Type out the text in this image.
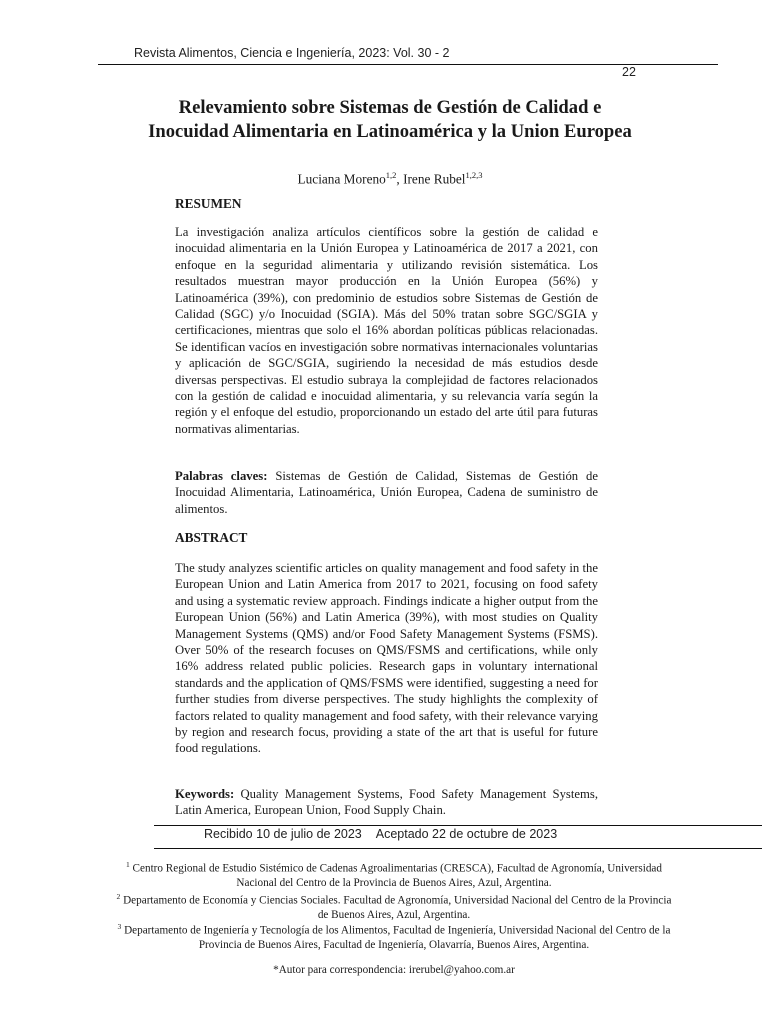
Revista Alimentos, Ciencia e Ingeniería, 2023: Vol. 30 - 2
22
Relevamiento sobre Sistemas de Gestión de Calidad e
Inocuidad Alimentaria en Latinoamérica y la Union Europea
Luciana Moreno$^{1,2}$, Irene Rubel$^{1,2,3}$
RESUMEN

La investigación analiza artículos científicos sobre la gestión de calidad e inocuidad alimentaria en la Unión Europea y Latinoamérica de 2017 a 2021, con enfoque en la seguridad alimentaria y utilizando revisión sistemática. Los resultados muestran mayor producción en la Unión Europea (56%) y Latinoamérica (39%), con predominio de estudios sobre Sistemas de Gestión de Calidad (SGC) y/o Inocuidad (SGIA). Más del 50% tratan sobre SGC/SGIA y certificaciones, mientras que solo el 16% abordan políticas públicas relacionadas. Se identifican vacíos en investigación sobre normativas internacionales voluntarias y aplicación de SGC/SGIA, sugiriendo la necesidad de más estudios desde diversas perspectivas. El estudio subraya la complejidad de factores relacionados con la gestión de calidad e inocuidad alimentaria, y su relevancia varía según la región y el enfoque del estudio, proporcionando un estado del arte útil para futuras normativas alimentarias.

Palabras claves: Sistemas de Gestión de Calidad, Sistemas de Gestión de Inocuidad Alimentaria, Latinoamérica, Unión Europea, Cadena de suministro de alimentos.

ABSTRACT

The study analyzes scientific articles on quality management and food safety in the European Union and Latin America from 2017 to 2021, focusing on food safety and using a systematic review approach. Findings indicate a higher output from the European Union (56%) and Latin America (39%), with most studies on Quality Management Systems (QMS) and/or Food Safety Management Systems (FSMS). Over 50% of the research focuses on QMS/FSMS and certifications, while only 16% address related public policies. Research gaps in voluntary international standards and the application of QMS/FSMS were identified, suggesting a need for further studies from diverse perspectives. The study highlights the complexity of factors related to quality management and food safety, with their relevance varying by region and research focus, providing a state of the art that is useful for future food regulations.

Keywords: Quality Management Systems, Food Safety Management Systems, Latin America, European Union, Food Supply Chain.

Recibido 10 de julio de 2023 Aceptado 22 de octubre de 2023

$^1$ Centro Regional de Estudio Sistémico de Cadenas Agroalimentarias (CRESCA), Facultad de Agronomía, Universidad Nacional del Centro de la Provincia de Buenos Aires, Azul, Argentina.

$^2$ Departamento de Economía y Ciencias Sociales. Facultad de Agronomía, Universidad Nacional del Centro de la Provincia de Buenos Aires, Azul, Argentina.

$^3$ Departamento de Ingeniería y Tecnología de los Alimentos, Facultad de Ingeniería, Universidad Nacional del Centro de la Provincia de Buenos Aires, Facultad de Ingeniería, Olavarría, Buenos Aires, Argentina.

*Autor para correspondencia: irerubel@yahoo.com.ar
